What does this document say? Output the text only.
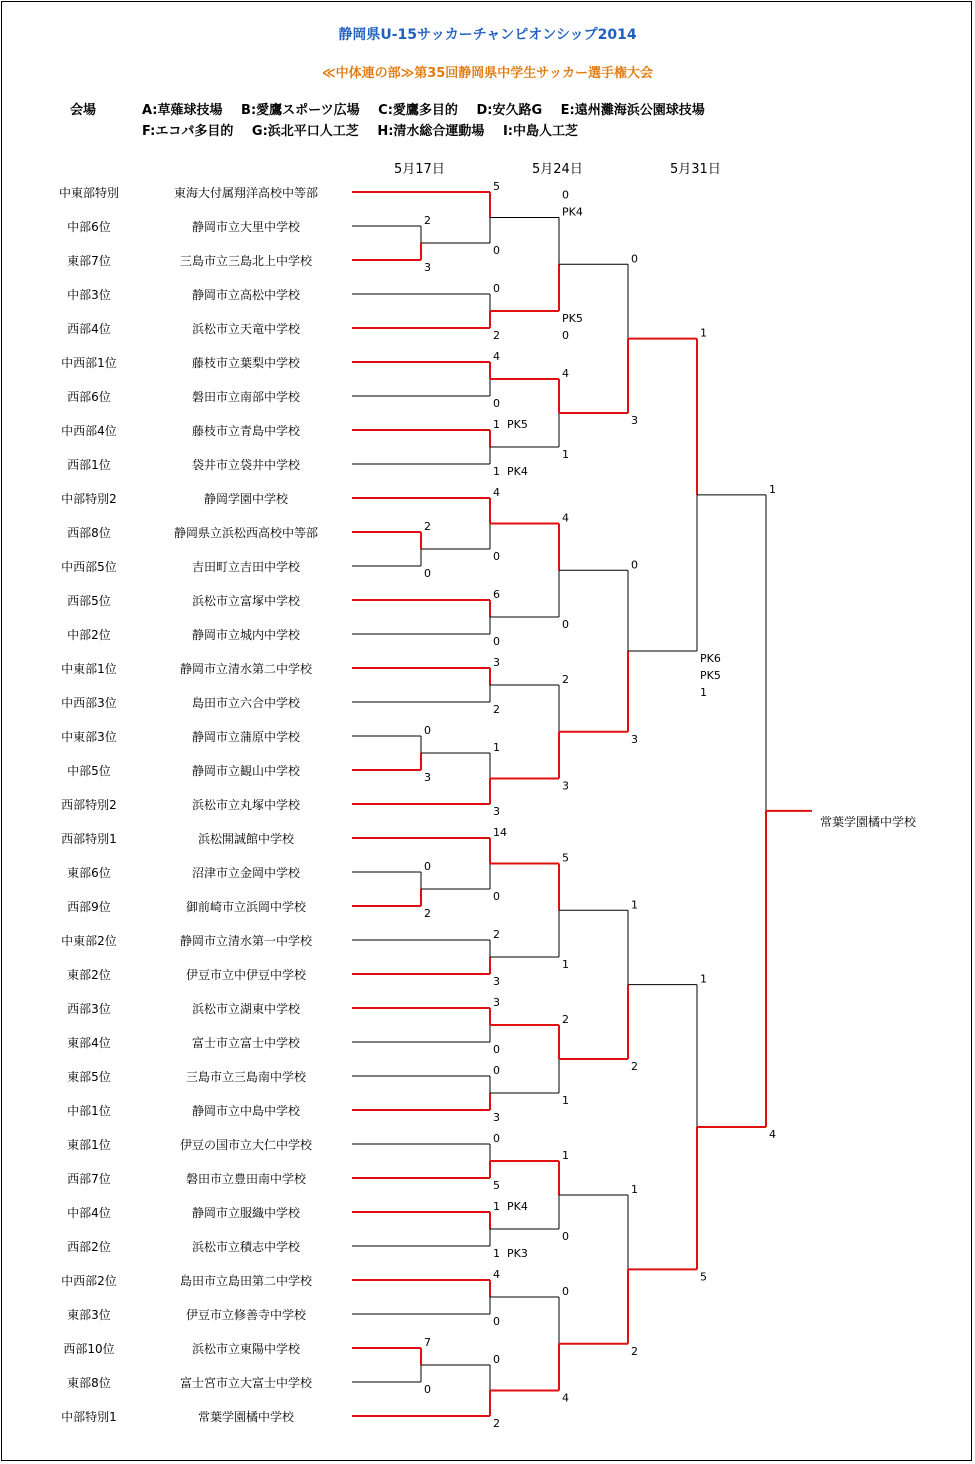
静岡県U-15サッカーチャンピオンシップ2014
≪中体連の部≫第35回静岡県中学生サッカー選手権大会
会場	A:草薙球技場 B:愛鷹スポーツ広場 C:愛鷹多目的 D:安久路G E:遠州灘海浜公園球技場
F:エコパ多目的 G:浜北平口人工芝 H:清水総合運動場 I:中島人工芝
5月17日	5月24日	5月31日
中東部特別	東海大付属翔洋高校中等部
中部6位	静岡市立大里中学校
東部7位	三島市立三島北上中学校
中部3位	静岡市立高松中学校
西部4位	浜松市立天竜中学校
中西部1位	藤枝市立葉梨中学校
西部6位	磐田市立南部中学校
中西部4位	藤枝市立青島中学校
西部1位	袋井市立袋井中学校
中部特別2	静岡学園中学校
西部8位	静岡県立浜松西高校中等部
中西部5位	吉田町立吉田中学校
西部5位	浜松市立富塚中学校
中部2位	静岡市立城内中学校
中東部1位	静岡市立清水第二中学校
中西部3位	島田市立六合中学校
中東部3位	静岡市立蒲原中学校
中部5位	静岡市立観山中学校
西部特別2	浜松市立丸塚中学校
西部特別1	浜松開誠館中学校
東部6位	沼津市立金岡中学校
西部9位	御前崎市立浜岡中学校
中東部2位	静岡市立清水第一中学校
東部2位	伊豆市立中伊豆中学校
西部3位	浜松市立湖東中学校
東部4位	富士市立富士中学校
東部5位	三島市立三島南中学校
中部1位	静岡市立中島中学校
東部1位	伊豆の国市立大仁中学校
西部7位	磐田市立豊田南中学校
中部4位	静岡市立服織中学校
西部2位	浜松市立積志中学校
中西部2位	島田市立島田第二中学校
東部3位	伊豆市立修善寺中学校
西部10位	浜松市立東陽中学校
東部8位	富士宮市立大富士中学校
中部特別1	常葉学園橘中学校
2
3
0
3
2
0
0
2
7
0
5
0
0
2
4
0
1  PK5
1  PK4
4
0
6
0
3
2
1
3
14
0
2
3
3
0
0
3
0
5
1  PK4
1  PK3
4
0
0
2
0
PK4
PK5
0
4
1
4
0
2
3
5
1
2
1
1
0
0
4
0
3
0
3
1
2
1
2
1
PK6
PK5
1
1
5
1
4
常葉学園橘中学校
